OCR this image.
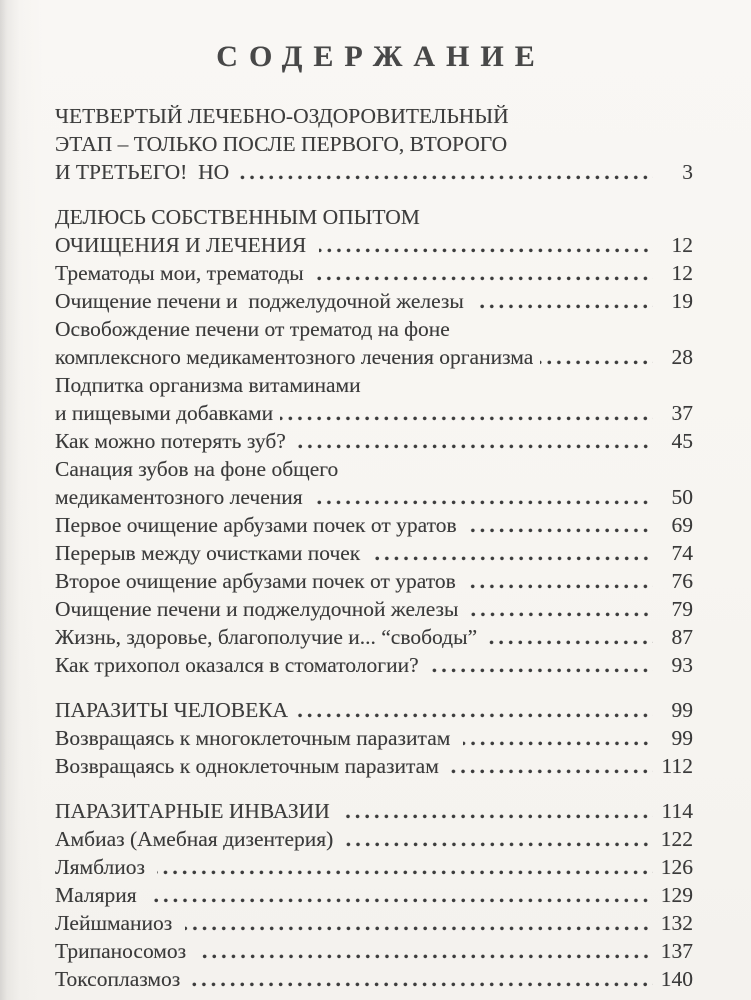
СОДЕРЖАНИЕ
ЧЕТВЕРТЫЙ ЛЕЧЕБНО-ОЗДОРОВИТЕЛЬНЫЙ
ЭТАП – ТОЛЬКО ПОСЛЕ ПЕРВОГО, ВТОРОГО
И ТРЕТЬЕГО!  НО	3
ДЕЛЮСЬ СОБСТВЕННЫМ ОПЫТОМ
ОЧИЩЕНИЯ И ЛЕЧЕНИЯ	12
Трематоды мои, трематоды	12
Очищение печени и  поджелудочной железы	19
Освобождение печени от трематод на фоне
комплексного медикаментозного лечения организма	28
Подпитка организма витаминами
и пищевыми добавками	37
Как можно потерять зуб?	45
Санация зубов на фоне общего
медикаментозного лечения	50
Первое очищение арбузами почек от уратов	69
Перерыв между очистками почек	74
Второе очищение арбузами почек от уратов	76
Очищение печени и поджелудочной железы	79
Жизнь, здоровье, благополучие и... “свободы”	87
Как трихопол оказался в стоматологии?	93
ПАРАЗИТЫ ЧЕЛОВЕКА	99
Возвращаясь к многоклеточным паразитам	99
Возвращаясь к одноклеточным паразитам	112
ПАРАЗИТАРНЫЕ ИНВАЗИИ	114
Амбиаз (Амебная дизентерия)	122
Лямблиоз	126
Малярия	129
Лейшманиоз	132
Трипаносомоз	137
Токсоплазмоз	140
